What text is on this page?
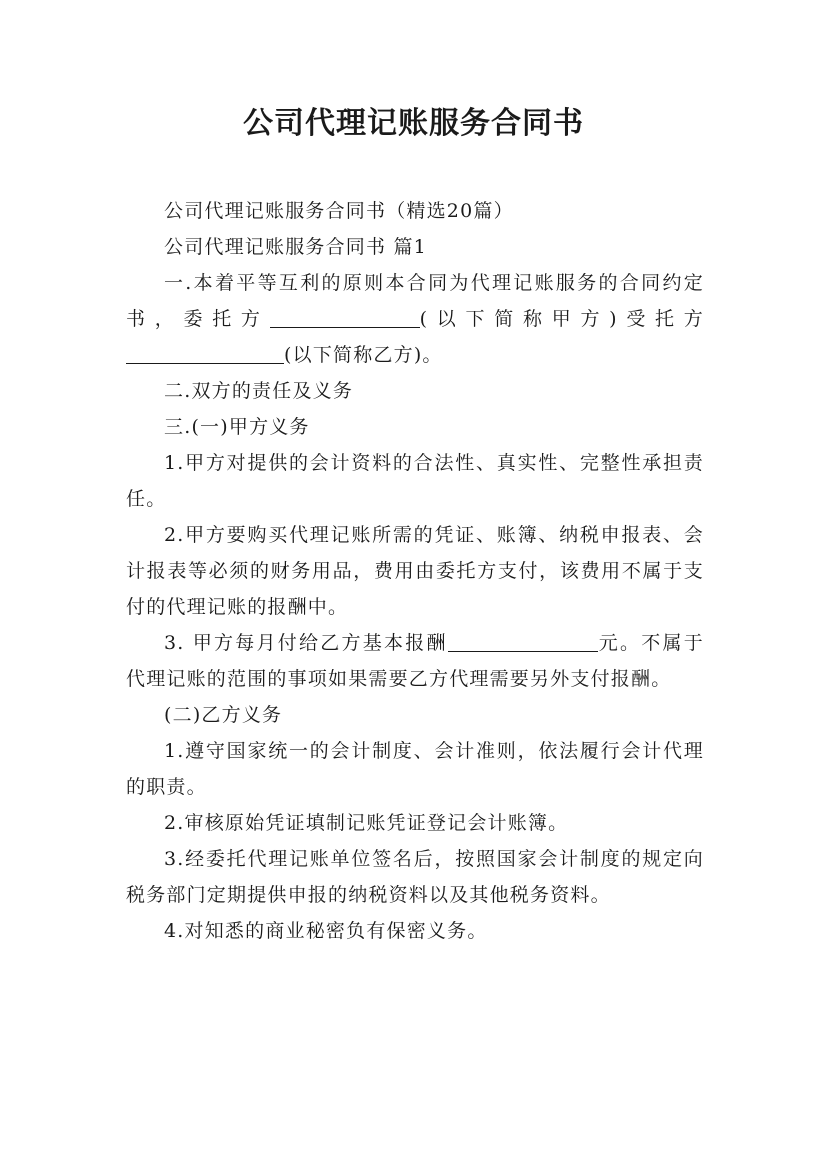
公司代理记账服务合同书

公司代理记账服务合同书（精选20篇）

公司代理记账服务合同书 篇1

一.本着平等互利的原则本合同为代理记账服务的合同约定书，委托方	(以下简称甲方)受托方(以下简称乙方)。

二.双方的责任及义务

三.(一)甲方义务

1.甲方对提供的会计资料的合法性、真实性、完整性承担责任。

2.甲方要购买代理记账所需的凭证、账簿、纳税申报表、会计报表等必须的财务用品，费用由委托方支付，该费用不属于支付的代理记账的报酬中。

3. 甲方每月付给乙方基本报酬	元。不属于代理记账的范围的事项如果需要乙方代理需要另外支付报酬。

(二)乙方义务

1.遵守国家统一的会计制度、会计准则，依法履行会计代理的职责。

2.审核原始凭证填制记账凭证登记会计账簿。

3.经委托代理记账单位签名后，按照国家会计制度的规定向税务部门定期提供申报的纳税资料以及其他税务资料。

4.对知悉的商业秘密负有保密义务。
